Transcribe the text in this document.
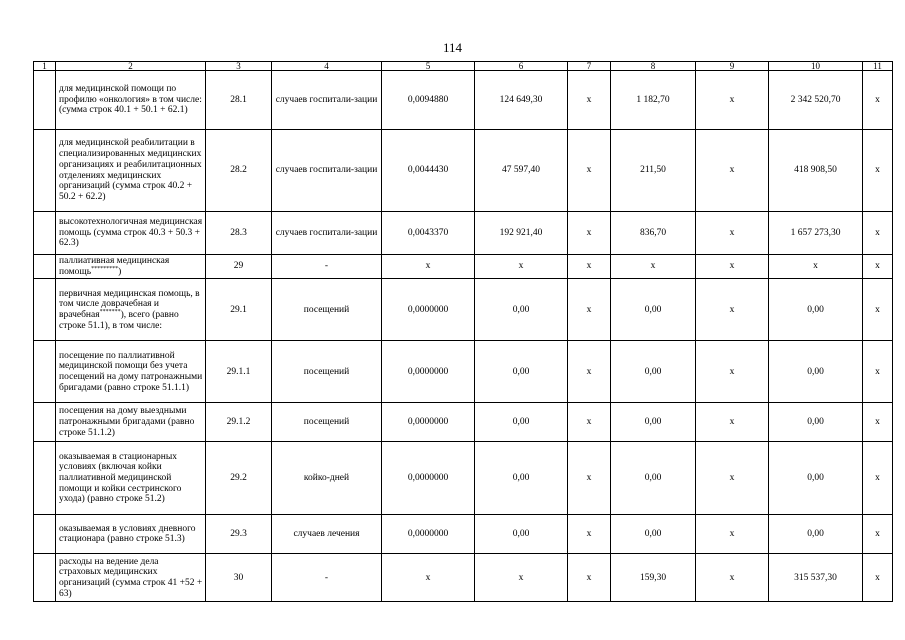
114
1	2	3	4	5	6	7	8	9	10	11
	для медицинской помощи по профилю «онкология» в том числе: (сумма строк 40.1 + 50.1 + 62.1)	28.1	случаев госпитали-зации	0,0094880	124 649,30	х	1 182,70	х	2 342 520,70	х
	для медицинской реабилитации в специализированных медицинских организациях и реабилитационных отделениях медицинских организаций (сумма строк 40.2 + 50.2 + 62.2)	28.2	случаев госпитали-зации	0,0044430	47 597,40	х	211,50	х	418 908,50	х
	высокотехнологичная медицинская помощь (сумма строк 40.3 + 50.3 + 62.3)	28.3	случаев госпитали-зации	0,0043370	192 921,40	х	836,70	х	1 657 273,30	х
	паллиативная медицинская помощь*********)	29	-	х	х	х	х	х	х	х
	первичная медицинская помощь, в том числе доврачебная и врачебная*******), всего (равно строке 51.1), в том числе:	29.1	посещений	0,0000000	0,00	х	0,00	х	0,00	х
	посещение по паллиативной медицинской помощи без учета посещений на дому патронажными бригадами (равно строке 51.1.1)	29.1.1	посещений	0,0000000	0,00	х	0,00	х	0,00	х
	посещения на дому выездными патронажными бригадами (равно строке 51.1.2)	29.1.2	посещений	0,0000000	0,00	х	0,00	х	0,00	х
	оказываемая в стационарных условиях (включая койки паллиативной медицинской помощи и койки сестринского ухода) (равно строке 51.2)	29.2	койко-дней	0,0000000	0,00	х	0,00	х	0,00	х
	оказываемая в условиях дневного стационара (равно строке 51.3)	29.3	случаев лечения	0,0000000	0,00	х	0,00	х	0,00	х
	расходы на ведение дела страховых медицинских организаций (сумма строк 41 +52 + 63)	30	-	х	х	х	159,30	х	315 537,30	х
